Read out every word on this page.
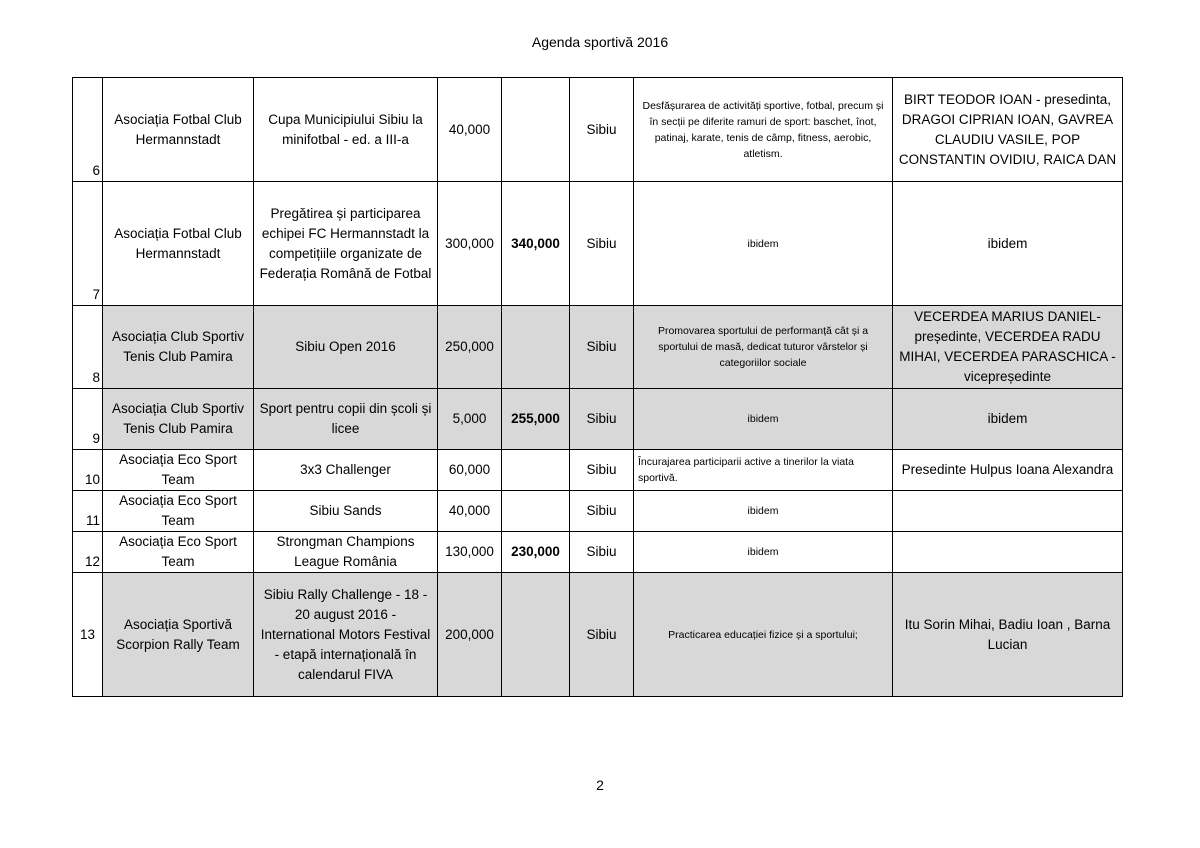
Agenda sportivă 2016
6	Asociația Fotbal Club Hermannstadt	Cupa Municipiului Sibiu la minifotbal - ed. a III-a	40,000		Sibiu	Desfășurarea de activități sportive, fotbal, precum și în secții pe diferite ramuri de sport: baschet, înot, patinaj, karate, tenis de câmp, fitness, aerobic, atletism.	BIRT TEODOR IOAN - presedinta, DRAGOI CIPRIAN IOAN, GAVREA CLAUDIU VASILE, POP CONSTANTIN OVIDIU, RAICA DAN
7	Asociația Fotbal Club Hermannstadt	Pregătirea și participarea echipei FC Hermannstadt la competițiile organizate de Federația Română de Fotbal	300,000	340,000	Sibiu	ibidem	ibidem
8	Asociația Club Sportiv Tenis Club Pamira	Sibiu Open 2016	250,000		Sibiu	Promovarea sportului de performanță cât și a sportului de masă, dedicat tuturor vârstelor și categoriilor sociale	VECERDEA MARIUS DANIEL- președinte, VECERDEA RADU MIHAI, VECERDEA PARASCHICA - vicepreședinte
9	Asociația Club Sportiv Tenis Club Pamira	Sport pentru copii din școli și licee	5,000	255,000	Sibiu	ibidem	ibidem
10	Asociația Eco Sport Team	3x3 Challenger	60,000		Sibiu	Încurajarea participarii active a tinerilor la viata sportivă.	Presedinte Hulpus Ioana Alexandra
11	Asociația Eco Sport Team	Sibiu Sands	40,000		Sibiu	ibidem	
12	Asociația Eco Sport Team	Strongman Champions League România	130,000	230,000	Sibiu	ibidem	
13	Asociația Sportivă Scorpion Rally Team	Sibiu Rally Challenge - 18 - 20 august 2016 - International Motors Festival - etapă internațională în calendarul FIVA	200,000		Sibiu	Practicarea educației fizice și a sportului;	Itu Sorin Mihai, Badiu Ioan , Barna Lucian
2
